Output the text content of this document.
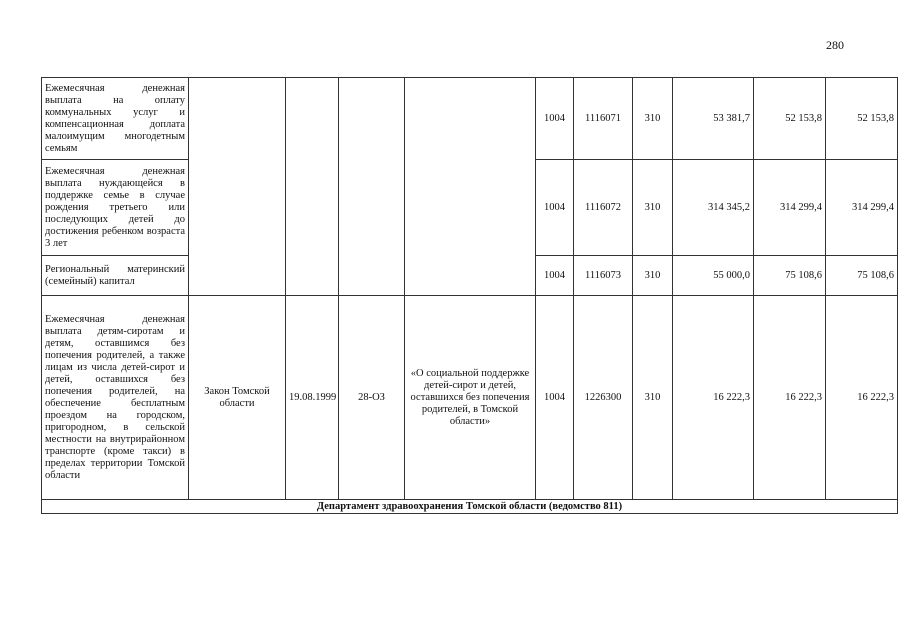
280
Ежемесячная денежная выплата на оплату коммунальных услуг и компенсационная доплата малоимущим многодетным семьям					1004	1116071	310	53 381,7	52 153,8	52 153,8
Ежемесячная денежная выплата нуждающейся в поддержке семье в случае рождения третьего или последующих детей до достижения ребенком возраста 3 лет					1004	1116072	310	314 345,2	314 299,4	314 299,4
Региональный материнский (семейный) капитал					1004	1116073	310	55 000,0	75 108,6	75 108,6
Ежемесячная денежная выплата детям-сиротам и детям, оставшимся без попечения родителей, а также лицам из числа детей-сирот и детей, оставшихся без попечения родителей, на обеспечение бесплатным проездом на городском, пригородном, в сельской местности на внутрирайонном транспорте (кроме такси) в пределах территории Томской области	Закон Томской области	19.08.1999	28-ОЗ	«О социальной поддержке детей-сирот и детей, оставшихся без попечения родителей, в Томской области»	1004	1226300	310	16 222,3	16 222,3	16 222,3
Департамент здравоохранения Томской области (ведомство 811)										
